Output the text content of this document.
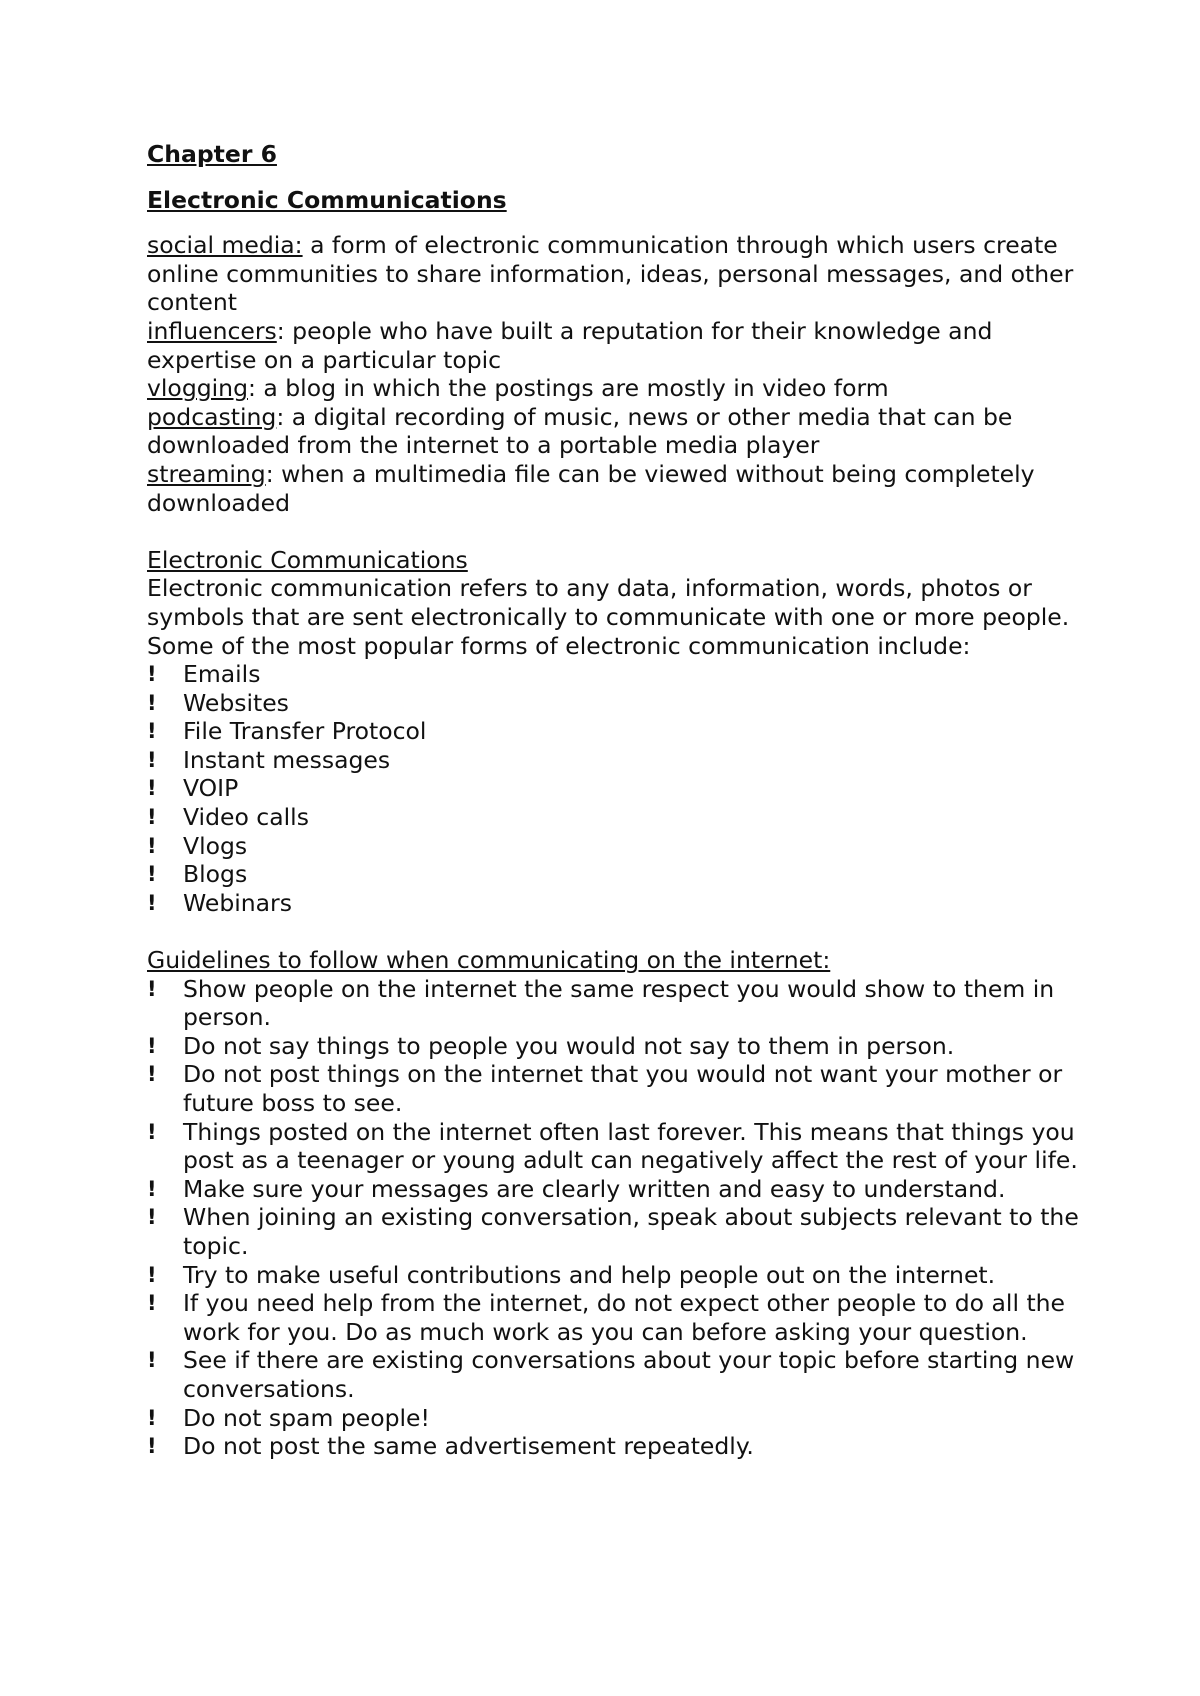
Chapter 6

Electronic Communications

social media: a form of electronic communication through which users create online communities to share information, ideas, personal messages, and other content

influencers: people who have built a reputation for their knowledge and expertise on a particular topic

vlogging: a blog in which the postings are mostly in video form

podcasting: a digital recording of music, news or other media that can be downloaded from the internet to a portable media player

streaming: when a multimedia file can be viewed without being completely downloaded

Electronic Communications

Electronic communication refers to any data, information, words, photos or symbols that are sent electronically to communicate with one or more people.

Some of the most popular forms of electronic communication include:

!	Emails
!	Websites
!	File Transfer Protocol
!	Instant messages
!	VOIP
!	Video calls
!	Vlogs
!	Blogs
!	Webinars

Guidelines to follow when communicating on the internet:

!	Show people on the internet the same respect you would show to them in person.
!	Do not say things to people you would not say to them in person.
!	Do not post things on the internet that you would not want your mother or future boss to see.
!	Things posted on the internet often last forever. This means that things you post as a teenager or young adult can negatively affect the rest of your life.
!	Make sure your messages are clearly written and easy to understand.
!	When joining an existing conversation, speak about subjects relevant to the topic.
!	Try to make useful contributions and help people out on the internet.
!	If you need help from the internet, do not expect other people to do all the work for you. Do as much work as you can before asking your question.
!	See if there are existing conversations about your topic before starting new conversations.
!	Do not spam people!
!	Do not post the same advertisement repeatedly.
